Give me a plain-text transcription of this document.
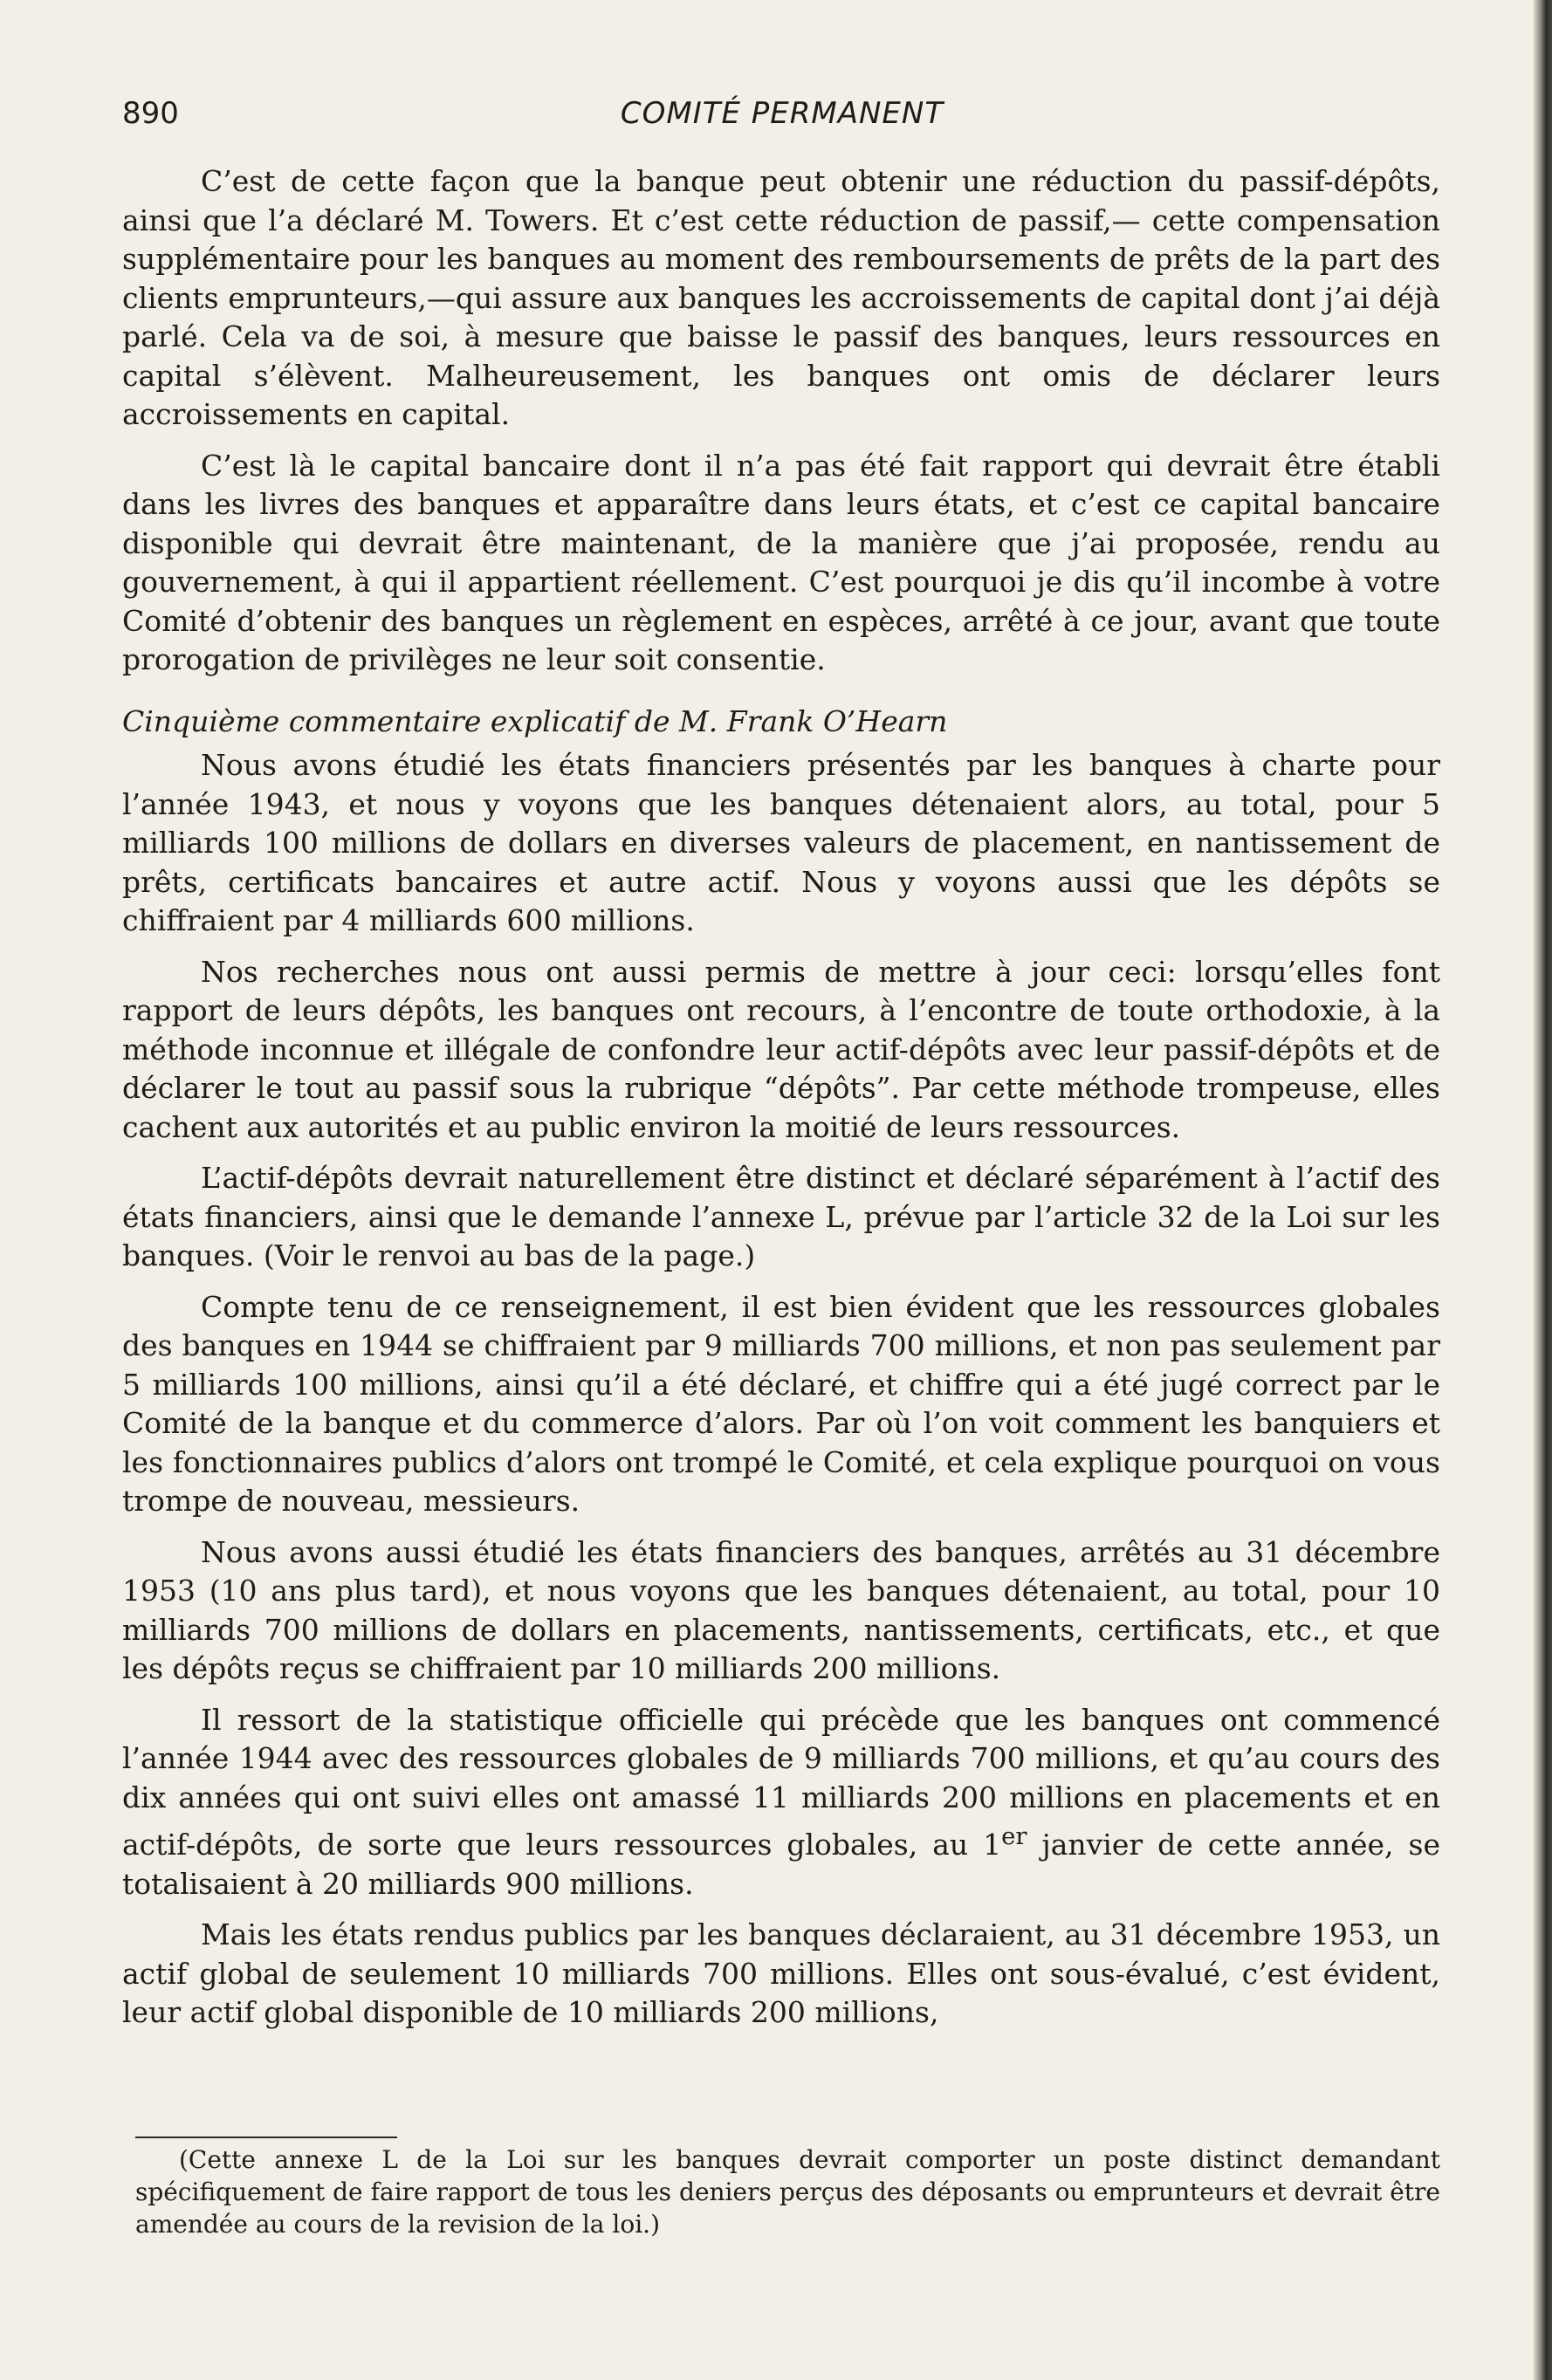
890	COMITÉ PERMANENT

C’est de cette façon que la banque peut obtenir une réduction du passif-dépôts, ainsi que l’a déclaré M. Towers. Et c’est cette réduction de passif,— cette compensation supplémentaire pour les banques au moment des remboursements de prêts de la part des clients emprunteurs,—qui assure aux banques les accroissements de capital dont j’ai déjà parlé. Cela va de soi, à mesure que baisse le passif des banques, leurs ressources en capital s’élèvent. Malheureusement, les banques ont omis de déclarer leurs accroissements en capital.

C’est là le capital bancaire dont il n’a pas été fait rapport qui devrait être établi dans les livres des banques et apparaître dans leurs états, et c’est ce capital bancaire disponible qui devrait être maintenant, de la manière que j’ai proposée, rendu au gouvernement, à qui il appartient réellement. C’est pourquoi je dis qu’il incombe à votre Comité d’obtenir des banques un règlement en espèces, arrêté à ce jour, avant que toute prorogation de privilèges ne leur soit consentie.

Cinquième commentaire explicatif de M. Frank O’Hearn

Nous avons étudié les états financiers présentés par les banques à charte pour l’année 1943, et nous y voyons que les banques détenaient alors, au total, pour 5 milliards 100 millions de dollars en diverses valeurs de placement, en nantissement de prêts, certificats bancaires et autre actif. Nous y voyons aussi que les dépôts se chiffraient par 4 milliards 600 millions.

Nos recherches nous ont aussi permis de mettre à jour ceci: lorsqu’elles font rapport de leurs dépôts, les banques ont recours, à l’encontre de toute orthodoxie, à la méthode inconnue et illégale de confondre leur actif-dépôts avec leur passif-dépôts et de déclarer le tout au passif sous la rubrique “dépôts”. Par cette méthode trompeuse, elles cachent aux autorités et au public environ la moitié de leurs ressources.

L’actif-dépôts devrait naturellement être distinct et déclaré séparément à l’actif des états financiers, ainsi que le demande l’annexe L, prévue par l’article 32 de la Loi sur les banques. (Voir le renvoi au bas de la page.)

Compte tenu de ce renseignement, il est bien évident que les ressources globales des banques en 1944 se chiffraient par 9 milliards 700 millions, et non pas seulement par 5 milliards 100 millions, ainsi qu’il a été déclaré, et chiffre qui a été jugé correct par le Comité de la banque et du commerce d’alors. Par où l’on voit comment les banquiers et les fonctionnaires publics d’alors ont trompé le Comité, et cela explique pourquoi on vous trompe de nouveau, messieurs.

Nous avons aussi étudié les états financiers des banques, arrêtés au 31 décembre 1953 (10 ans plus tard), et nous voyons que les banques détenaient, au total, pour 10 milliards 700 millions de dollars en placements, nantissements, certificats, etc., et que les dépôts reçus se chiffraient par 10 milliards 200 millions.

Il ressort de la statistique officielle qui précède que les banques ont commencé l’année 1944 avec des ressources globales de 9 milliards 700 millions, et qu’au cours des dix années qui ont suivi elles ont amassé 11 milliards 200 millions en placements et en actif-dépôts, de sorte que leurs ressources globales, au 1er janvier de cette année, se totalisaient à 20 milliards 900 millions.

Mais les états rendus publics par les banques déclaraient, au 31 décembre 1953, un actif global de seulement 10 milliards 700 millions. Elles ont sous-évalué, c’est évident, leur actif global disponible de 10 milliards 200 millions,

(Cette annexe L de la Loi sur les banques devrait comporter un poste distinct demandant spécifiquement de faire rapport de tous les deniers perçus des déposants ou emprunteurs et devrait être amendée au cours de la revision de la loi.)
